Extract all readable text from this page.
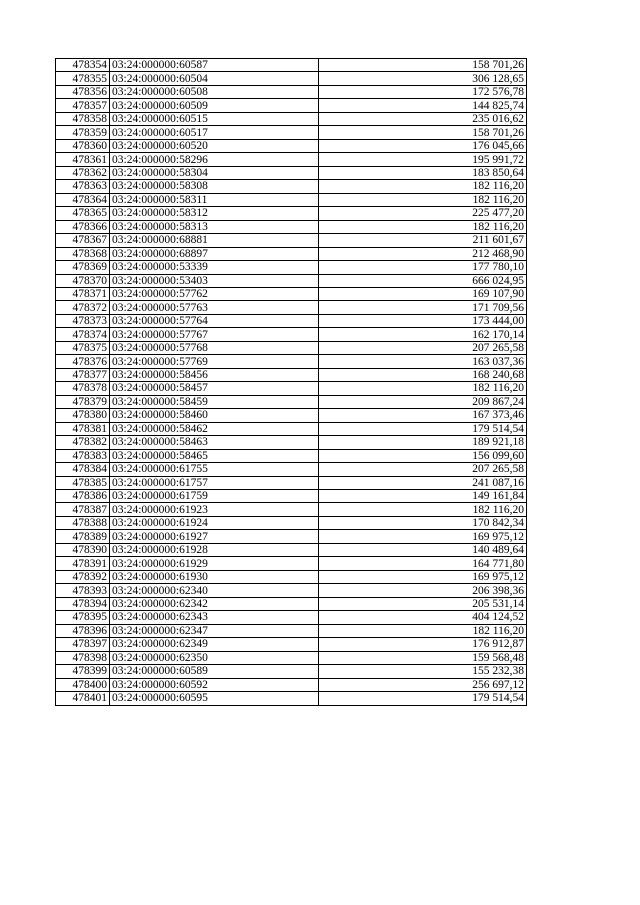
478354	03:24:000000:60587	158 701,26
478355	03:24:000000:60504	306 128,65
478356	03:24:000000:60508	172 576,78
478357	03:24:000000:60509	144 825,74
478358	03:24:000000:60515	235 016,62
478359	03:24:000000:60517	158 701,26
478360	03:24:000000:60520	176 045,66
478361	03:24:000000:58296	195 991,72
478362	03:24:000000:58304	183 850,64
478363	03:24:000000:58308	182 116,20
478364	03:24:000000:58311	182 116,20
478365	03:24:000000:58312	225 477,20
478366	03:24:000000:58313	182 116,20
478367	03:24:000000:68881	211 601,67
478368	03:24:000000:68897	212 468,90
478369	03:24:000000:53339	177 780,10
478370	03:24:000000:53403	666 024,95
478371	03:24:000000:57762	169 107,90
478372	03:24:000000:57763	171 709,56
478373	03:24:000000:57764	173 444,00
478374	03:24:000000:57767	162 170,14
478375	03:24:000000:57768	207 265,58
478376	03:24:000000:57769	163 037,36
478377	03:24:000000:58456	168 240,68
478378	03:24:000000:58457	182 116,20
478379	03:24:000000:58459	209 867,24
478380	03:24:000000:58460	167 373,46
478381	03:24:000000:58462	179 514,54
478382	03:24:000000:58463	189 921,18
478383	03:24:000000:58465	156 099,60
478384	03:24:000000:61755	207 265,58
478385	03:24:000000:61757	241 087,16
478386	03:24:000000:61759	149 161,84
478387	03:24:000000:61923	182 116,20
478388	03:24:000000:61924	170 842,34
478389	03:24:000000:61927	169 975,12
478390	03:24:000000:61928	140 489,64
478391	03:24:000000:61929	164 771,80
478392	03:24:000000:61930	169 975,12
478393	03:24:000000:62340	206 398,36
478394	03:24:000000:62342	205 531,14
478395	03:24:000000:62343	404 124,52
478396	03:24:000000:62347	182 116,20
478397	03:24:000000:62349	176 912,87
478398	03:24:000000:62350	159 568,48
478399	03:24:000000:60589	155 232,38
478400	03:24:000000:60592	256 697,12
478401	03:24:000000:60595	179 514,54
